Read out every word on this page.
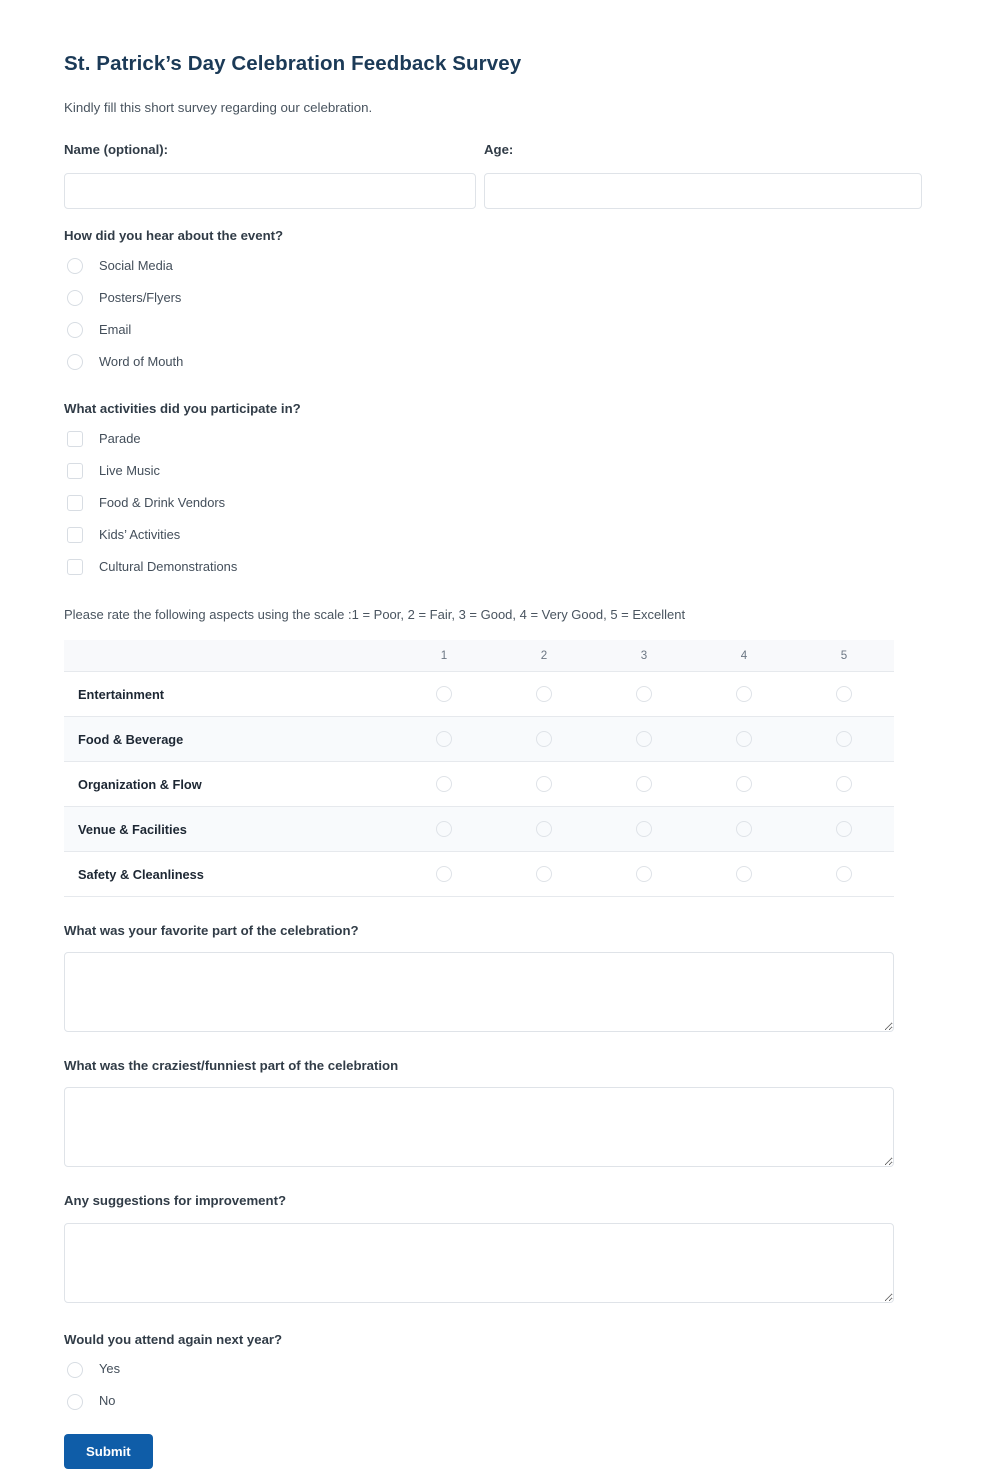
St. Patrick’s Day Celebration Feedback Survey

Kindly fill this short survey regarding our celebration.

Name (optional):	Age:
How did you hear about the event?
Social Media
Posters/Flyers
Email
Word of Mouth
What activities did you participate in?
Parade
Live Music
Food & Drink Vendors
Kids’ Activities
Cultural Demonstrations
Please rate the following aspects using the scale :1 = Poor, 2 = Fair, 3 = Good, 4 = Very Good, 5 = Excellent
	1	2	3	4	5
Entertainment					
Food & Beverage					
Organization & Flow					
Venue & Facilities					
Safety & Cleanliness					
What was your favorite part of the celebration?
What was the craziest/funniest part of the celebration
Any suggestions for improvement?
Would you attend again next year?
Yes
No
Submit
